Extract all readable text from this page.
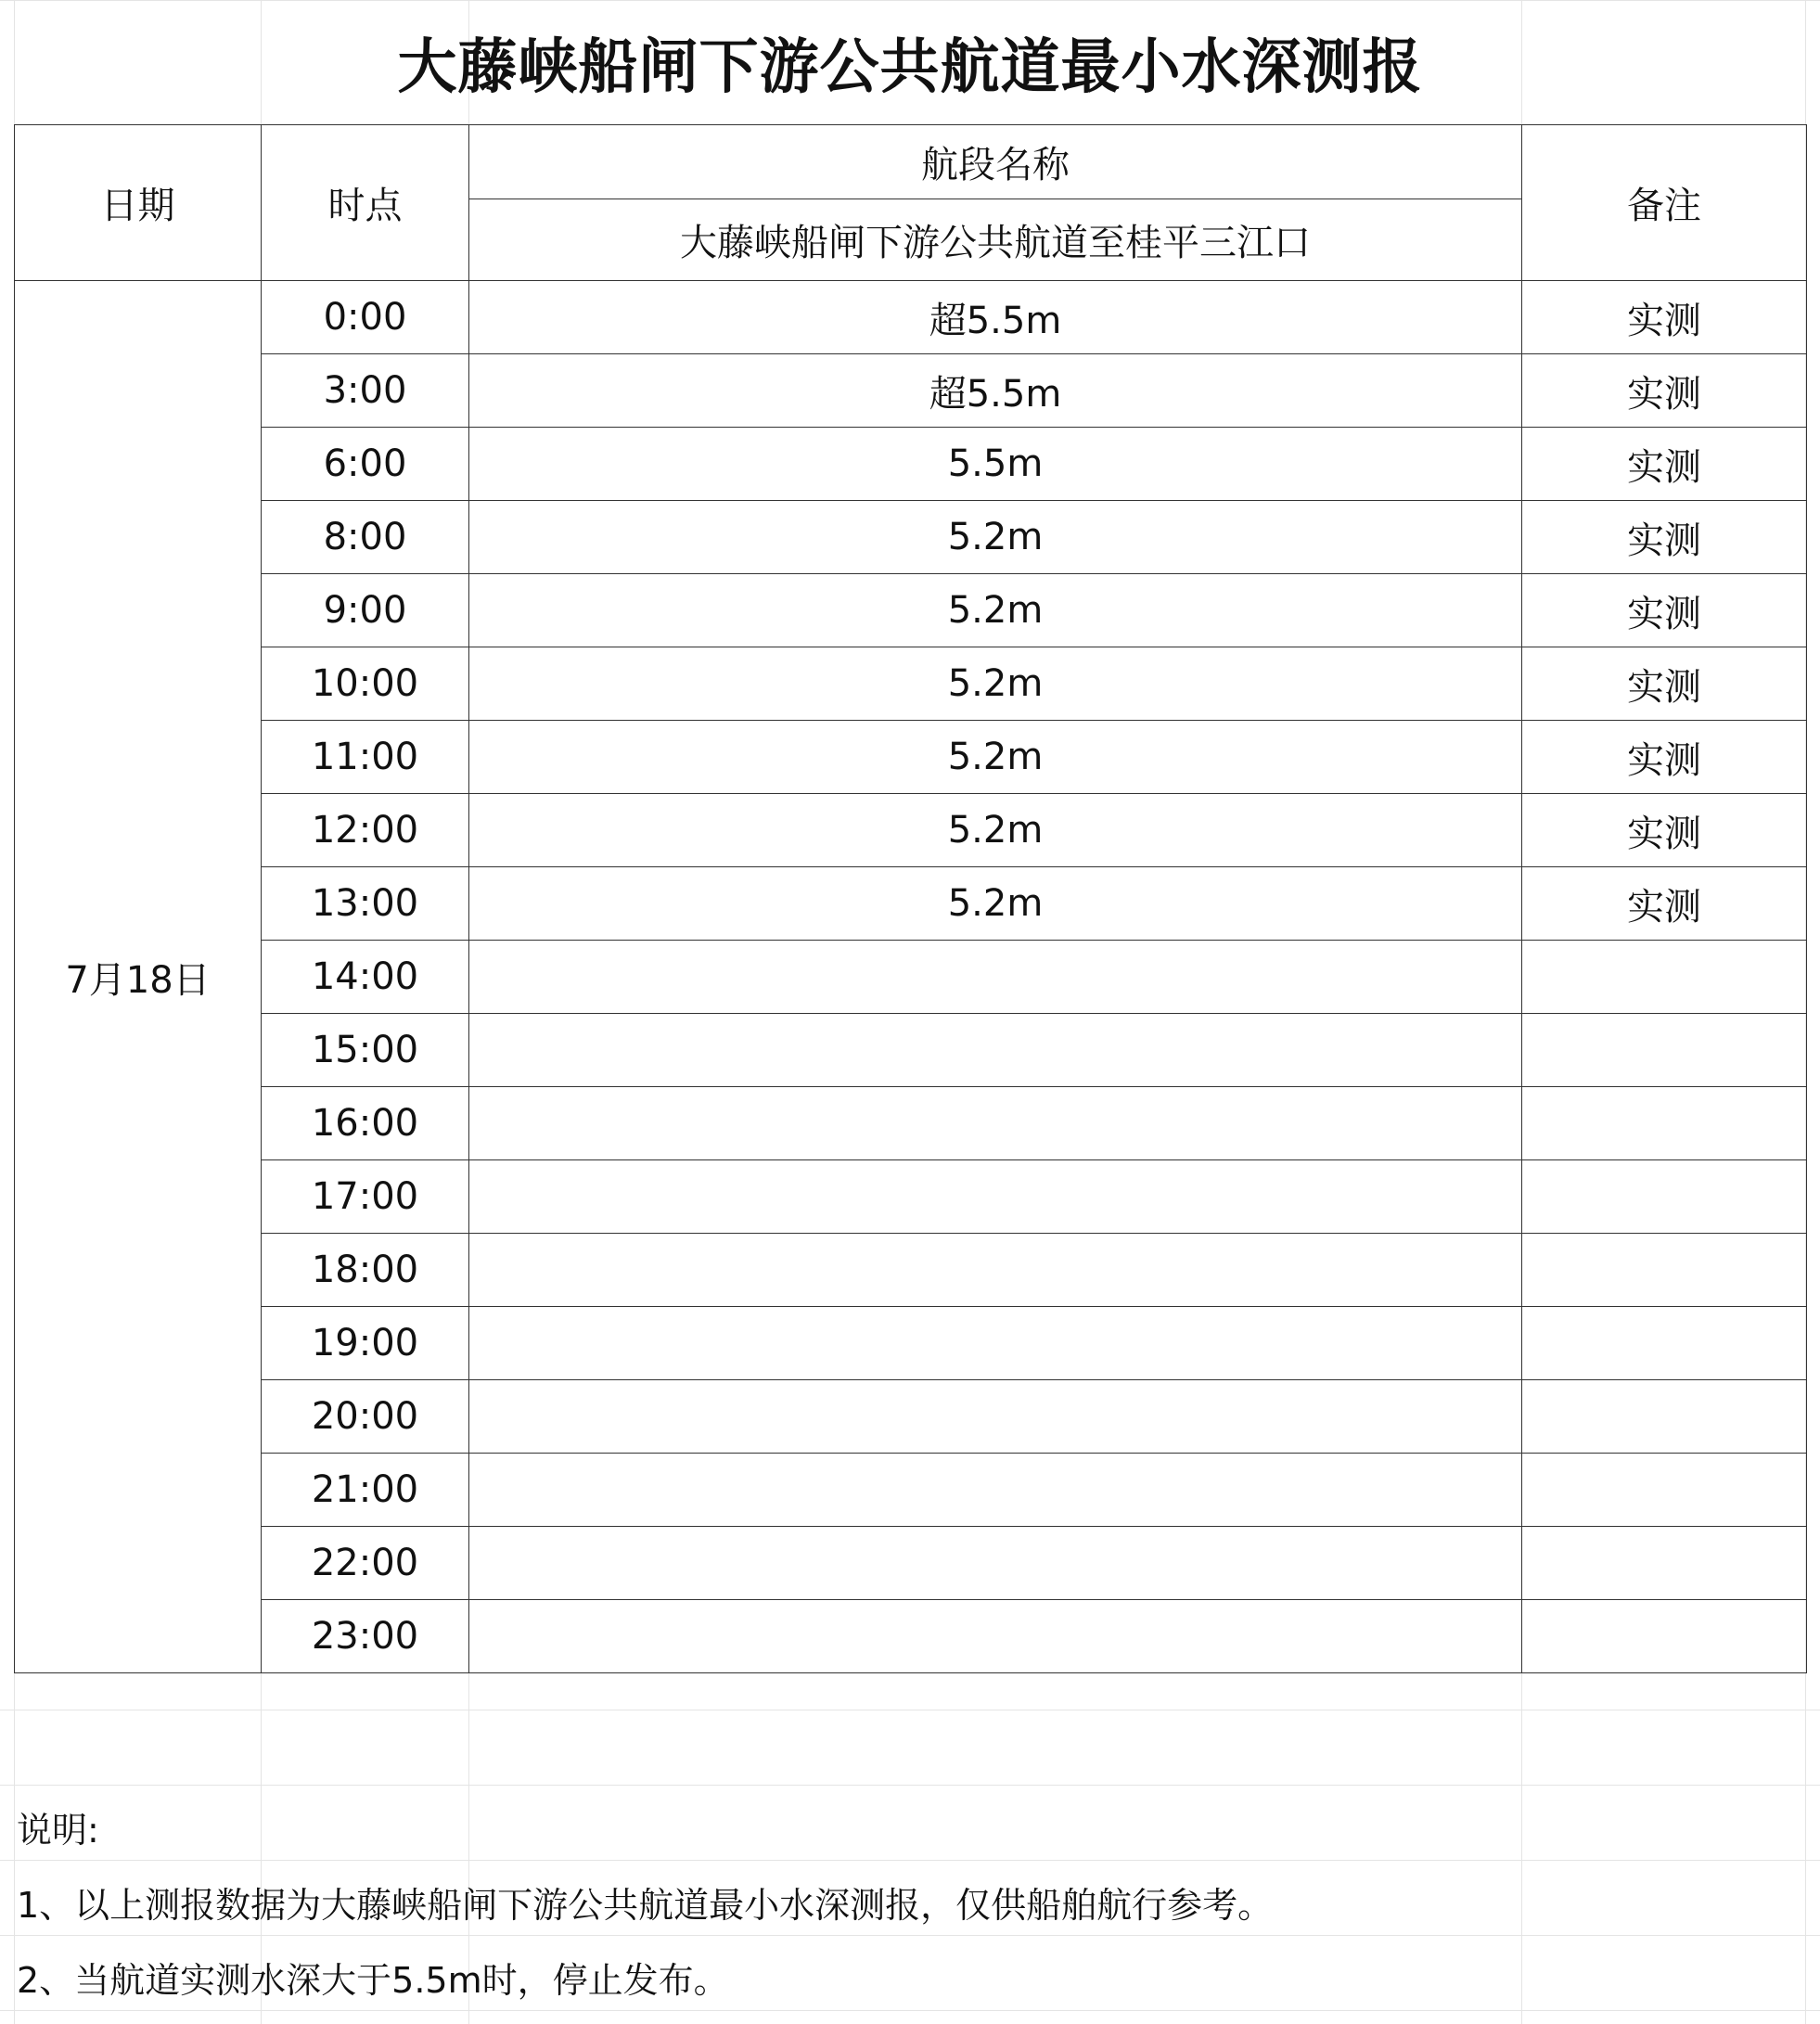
大藤峡船闸下游公共航道最小水深测报
日期	时点	航段名称	备注
		大藤峡船闸下游公共航道至桂平三江口	
7月18日	0:00	超5.5m	实测
	3:00	超5.5m	实测
	6:00	5.5m	实测
	8:00	5.2m	实测
	9:00	5.2m	实测
	10:00	5.2m	实测
	11:00	5.2m	实测
	12:00	5.2m	实测
	13:00	5.2m	实测
	14:00		
	15:00		
	16:00		
	17:00		
	18:00		
	19:00		
	20:00		
	21:00		
	22:00		
	23:00		
说明:
1、以上测报数据为大藤峡船闸下游公共航道最小水深测报，仅供船舶航行参考。
2、当航道实测水深大于5.5m时，停止发布。
